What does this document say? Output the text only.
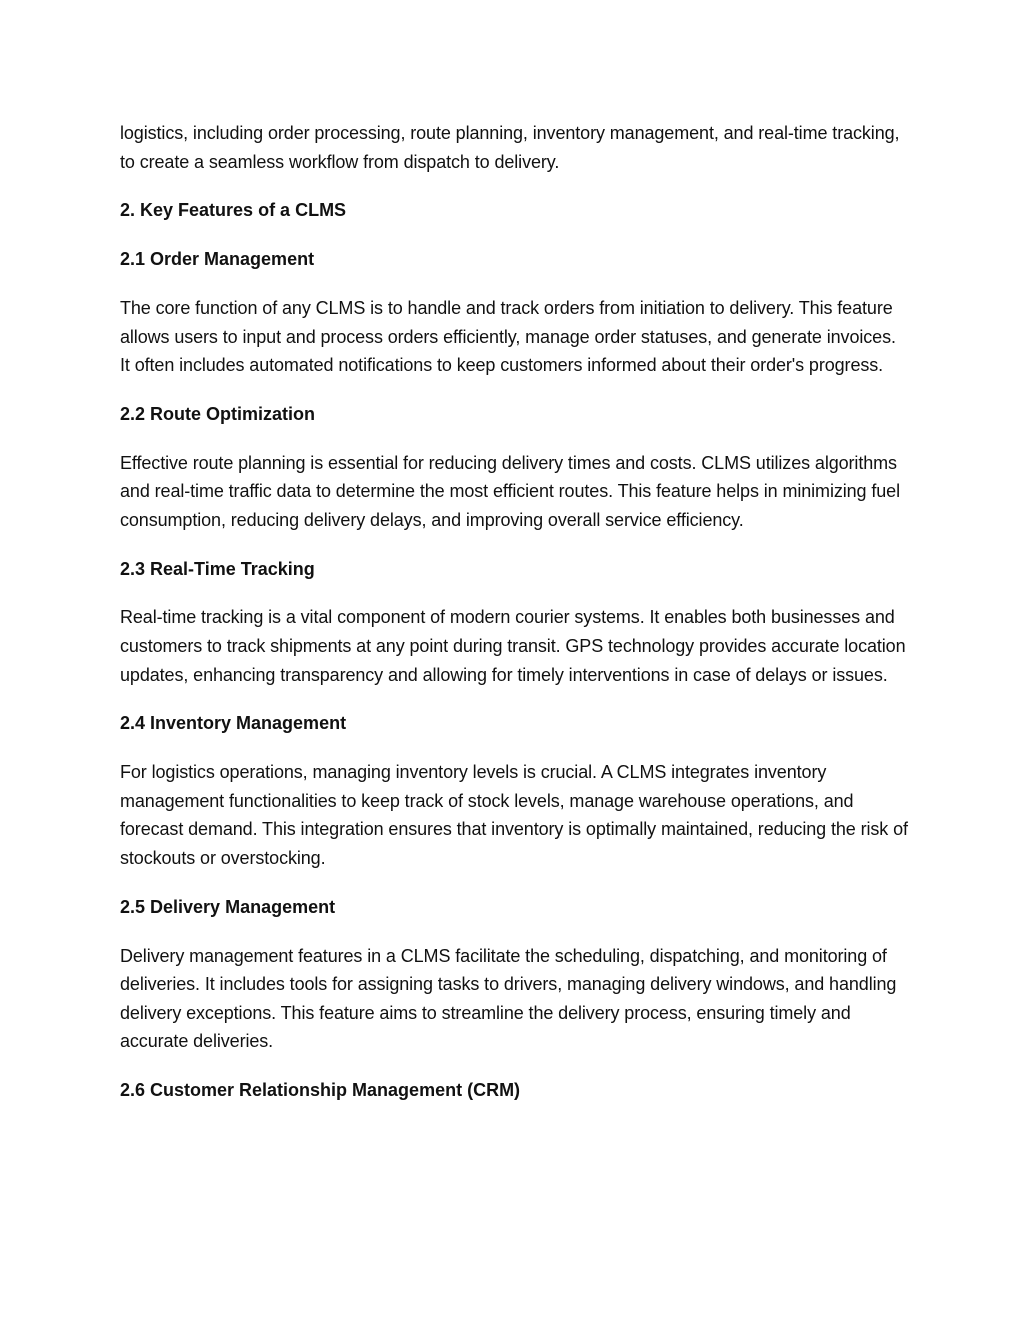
logistics, including order processing, route planning, inventory management, and real-time tracking, to create a seamless workflow from dispatch to delivery.

2. Key Features of a CLMS

2.1 Order Management

The core function of any CLMS is to handle and track orders from initiation to delivery. This feature allows users to input and process orders efficiently, manage order statuses, and generate invoices. It often includes automated notifications to keep customers informed about their order's progress.

2.2 Route Optimization

Effective route planning is essential for reducing delivery times and costs. CLMS utilizes algorithms and real-time traffic data to determine the most efficient routes. This feature helps in minimizing fuel consumption, reducing delivery delays, and improving overall service efficiency.

2.3 Real-Time Tracking

Real-time tracking is a vital component of modern courier systems. It enables both businesses and customers to track shipments at any point during transit. GPS technology provides accurate location updates, enhancing transparency and allowing for timely interventions in case of delays or issues.

2.4 Inventory Management

For logistics operations, managing inventory levels is crucial. A CLMS integrates inventory management functionalities to keep track of stock levels, manage warehouse operations, and forecast demand. This integration ensures that inventory is optimally maintained, reducing the risk of stockouts or overstocking.

2.5 Delivery Management

Delivery management features in a CLMS facilitate the scheduling, dispatching, and monitoring of deliveries. It includes tools for assigning tasks to drivers, managing delivery windows, and handling delivery exceptions. This feature aims to streamline the delivery process, ensuring timely and accurate deliveries.

2.6 Customer Relationship Management (CRM)
